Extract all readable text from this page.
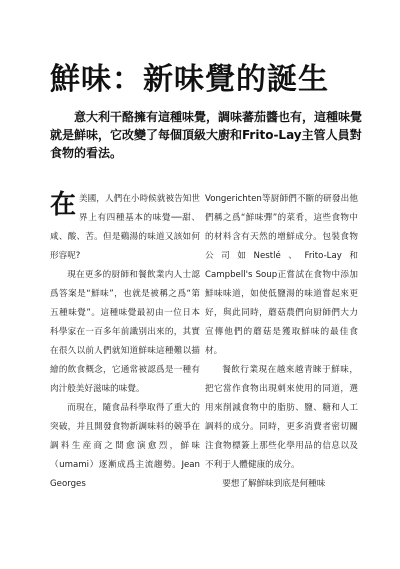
鮮味：新味覺的誕生
意大利干酪擁有這種味覺，調味蕃茄醬也有，這種味覺就是鮮味，它改變了每個頂級大廚和Frito-Lay主管人員對食物的看法。

在美國，人們在小時候就被告知世界上有四種基本的味覺──甜、咸、酸、苦。但是鷄湯的味道又該如何形容呢?

現在更多的厨師和餐飲業内人士認爲答案是“鮮味”，也就是被稱之爲“第五種味覺”。這種味覺最初由一位日本科學家在一百多年前識别出來的，其實在很久以前人們就知道鮮味這種難以描繪的飲食概念，它通常被認爲是一種有肉汁般美好滋味的味覺。

而現在，隨食品科學取得了重大的突破，并且開發食物新調味料的競爭在調料生産商之間愈演愈烈，鮮味（umami）逐漸成爲主流趨勢。Jean Georges

Vongerichten等厨師們不斷的研發出他們稱之爲“鮮味彈”的菜肴，這些食物中的材料含有天然的增鮮成分。包裝食物公司如Nestlé、Frito-Lay和Campbell's Soup正嘗試在食物中添加鮮味味道，如使低鹽湯的味道嘗起來更好，與此同時，蘑菇農們向厨師們大力宣傳他們的蘑菇是獲取鮮味的最佳食材。

餐飲行業現在越來越青睞于鮮味，把它當作食物出現刺來使用的同道，選用來削減食物中的脂肪、鹽、糖和人工調料的成分。同時，更多消費者密切關注食物標簽上那些化學用品的信息以及不利于人體健康的成分。

要想了解鮮味到底是何種味
